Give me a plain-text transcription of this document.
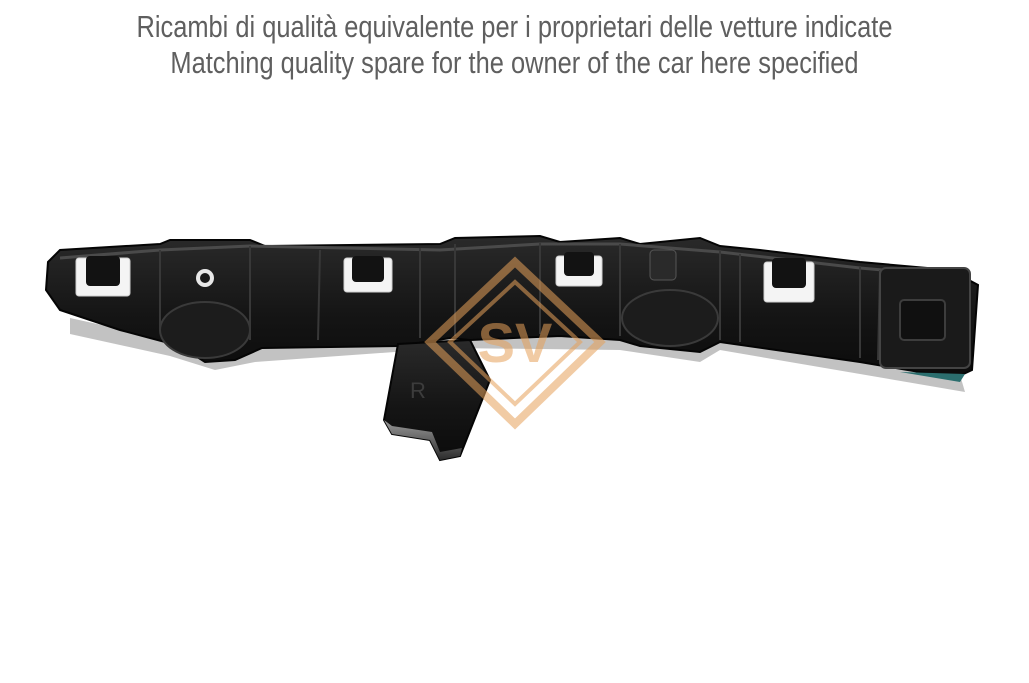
Ricambi di qualità equivalente per i proprietari delle vetture indicate
Matching quality spare for the owner of the car here specified
R
SV
